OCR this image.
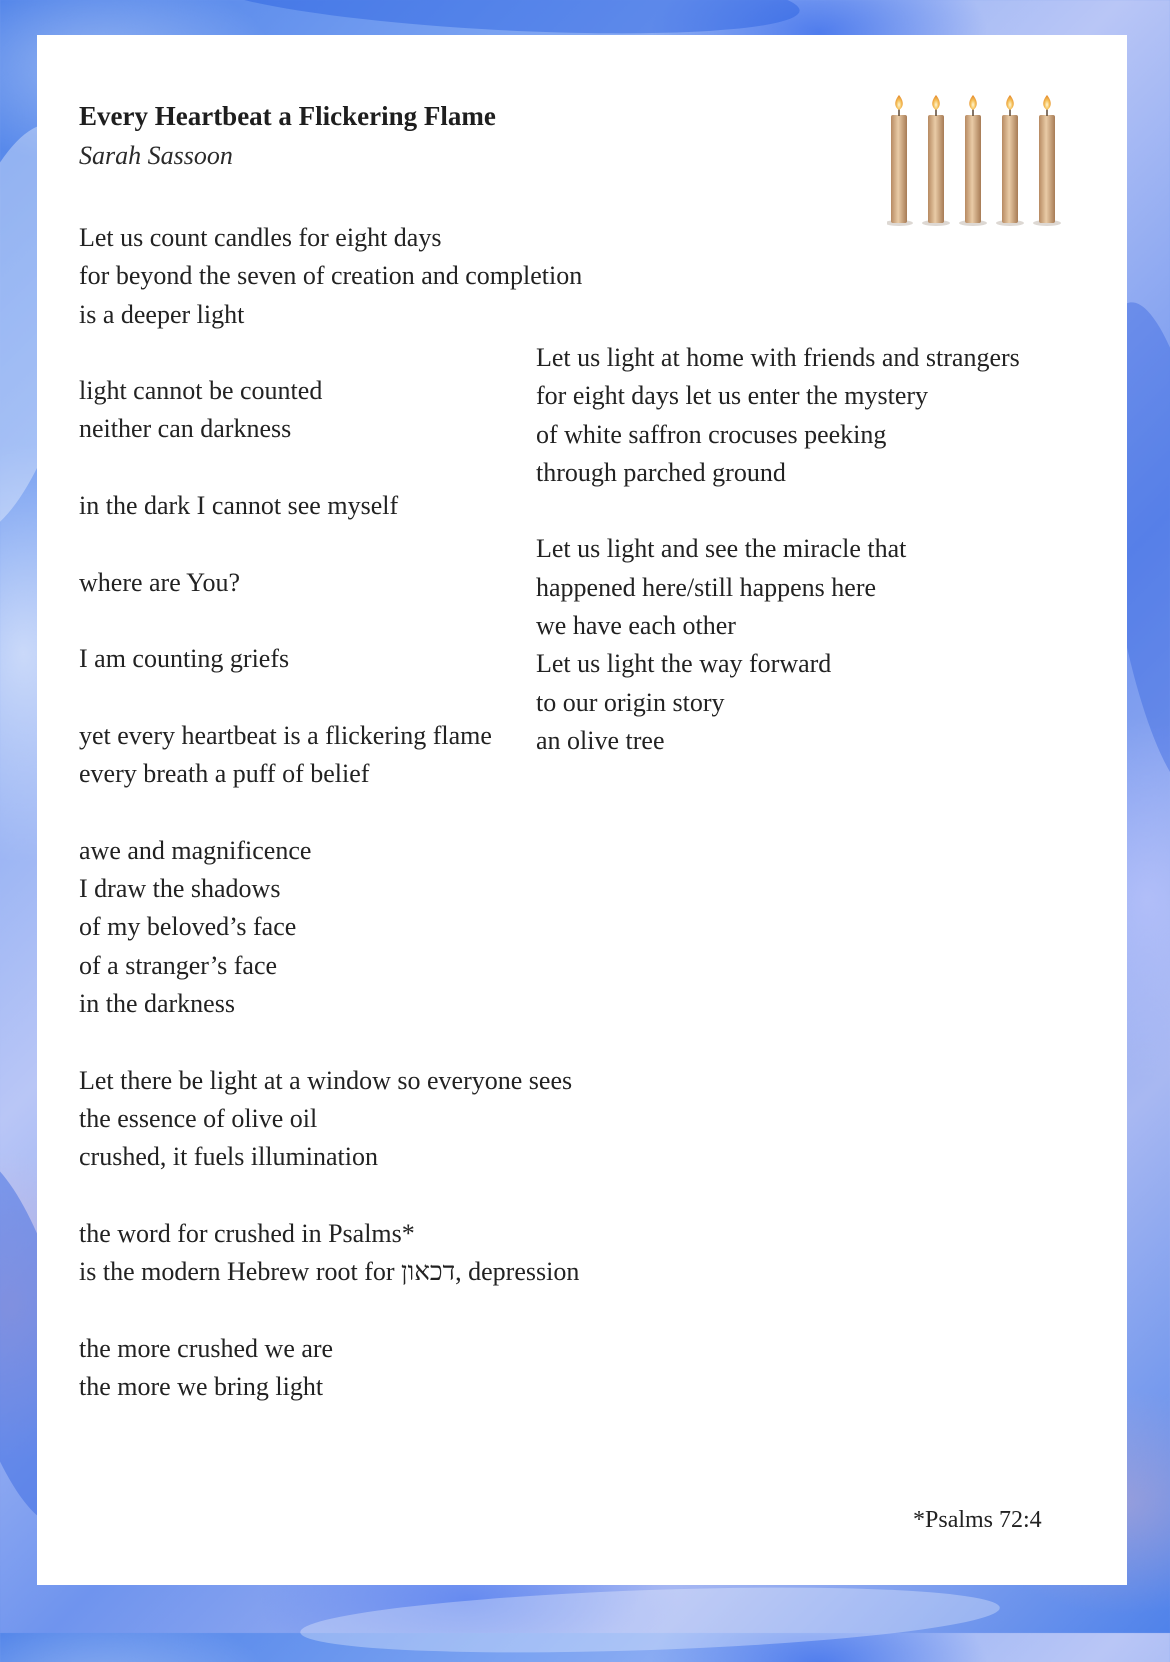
Every Heartbeat a Flickering Flame

Sarah Sassoon

Let us count candles for eight days
for beyond the seven of creation and completion
is a deeper light

light cannot be counted
neither can darkness

in the dark I cannot see myself

where are You?

I am counting griefs

yet every heartbeat is a flickering flame
every breath a puff of belief

awe and magnificence
I draw the shadows
of my beloved’s face
of a stranger’s face
in the darkness

Let there be light at a window so everyone sees
the essence of olive oil
crushed, it fuels illumination

the word for crushed in Psalms*
is the modern Hebrew root for דכאון, depression

the more crushed we are
the more we bring light

Let us light at home with friends and strangers
for eight days let us enter the mystery
of white saffron crocuses peeking
through parched ground

Let us light and see the miracle that
happened here/still happens here
we have each other
Let us light the way forward
to our origin story
an olive tree

*Psalms 72:4
